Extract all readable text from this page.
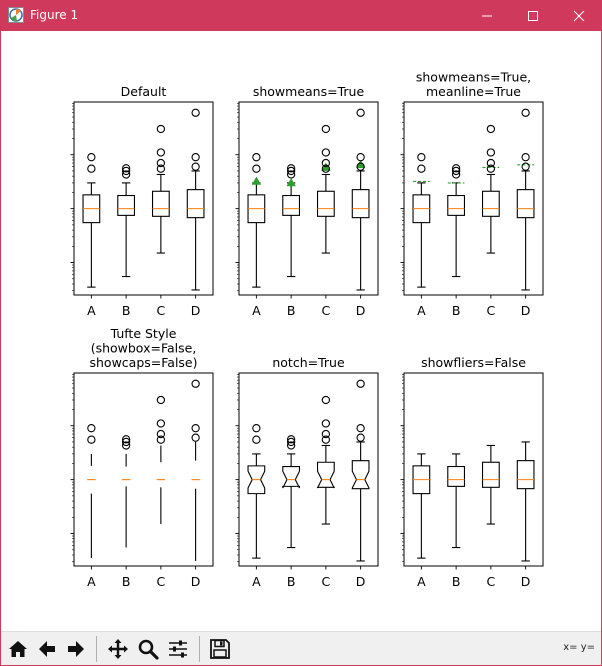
Figure 1
Default
A B C D
showmeans=True
A B C D
showmeans=True,
meanline=True
A B C D
Tufte Style
(showbox=False,
showcaps=False)
A B C D
notch=True
A B C D
showfliers=False
A B C D
x= y=
